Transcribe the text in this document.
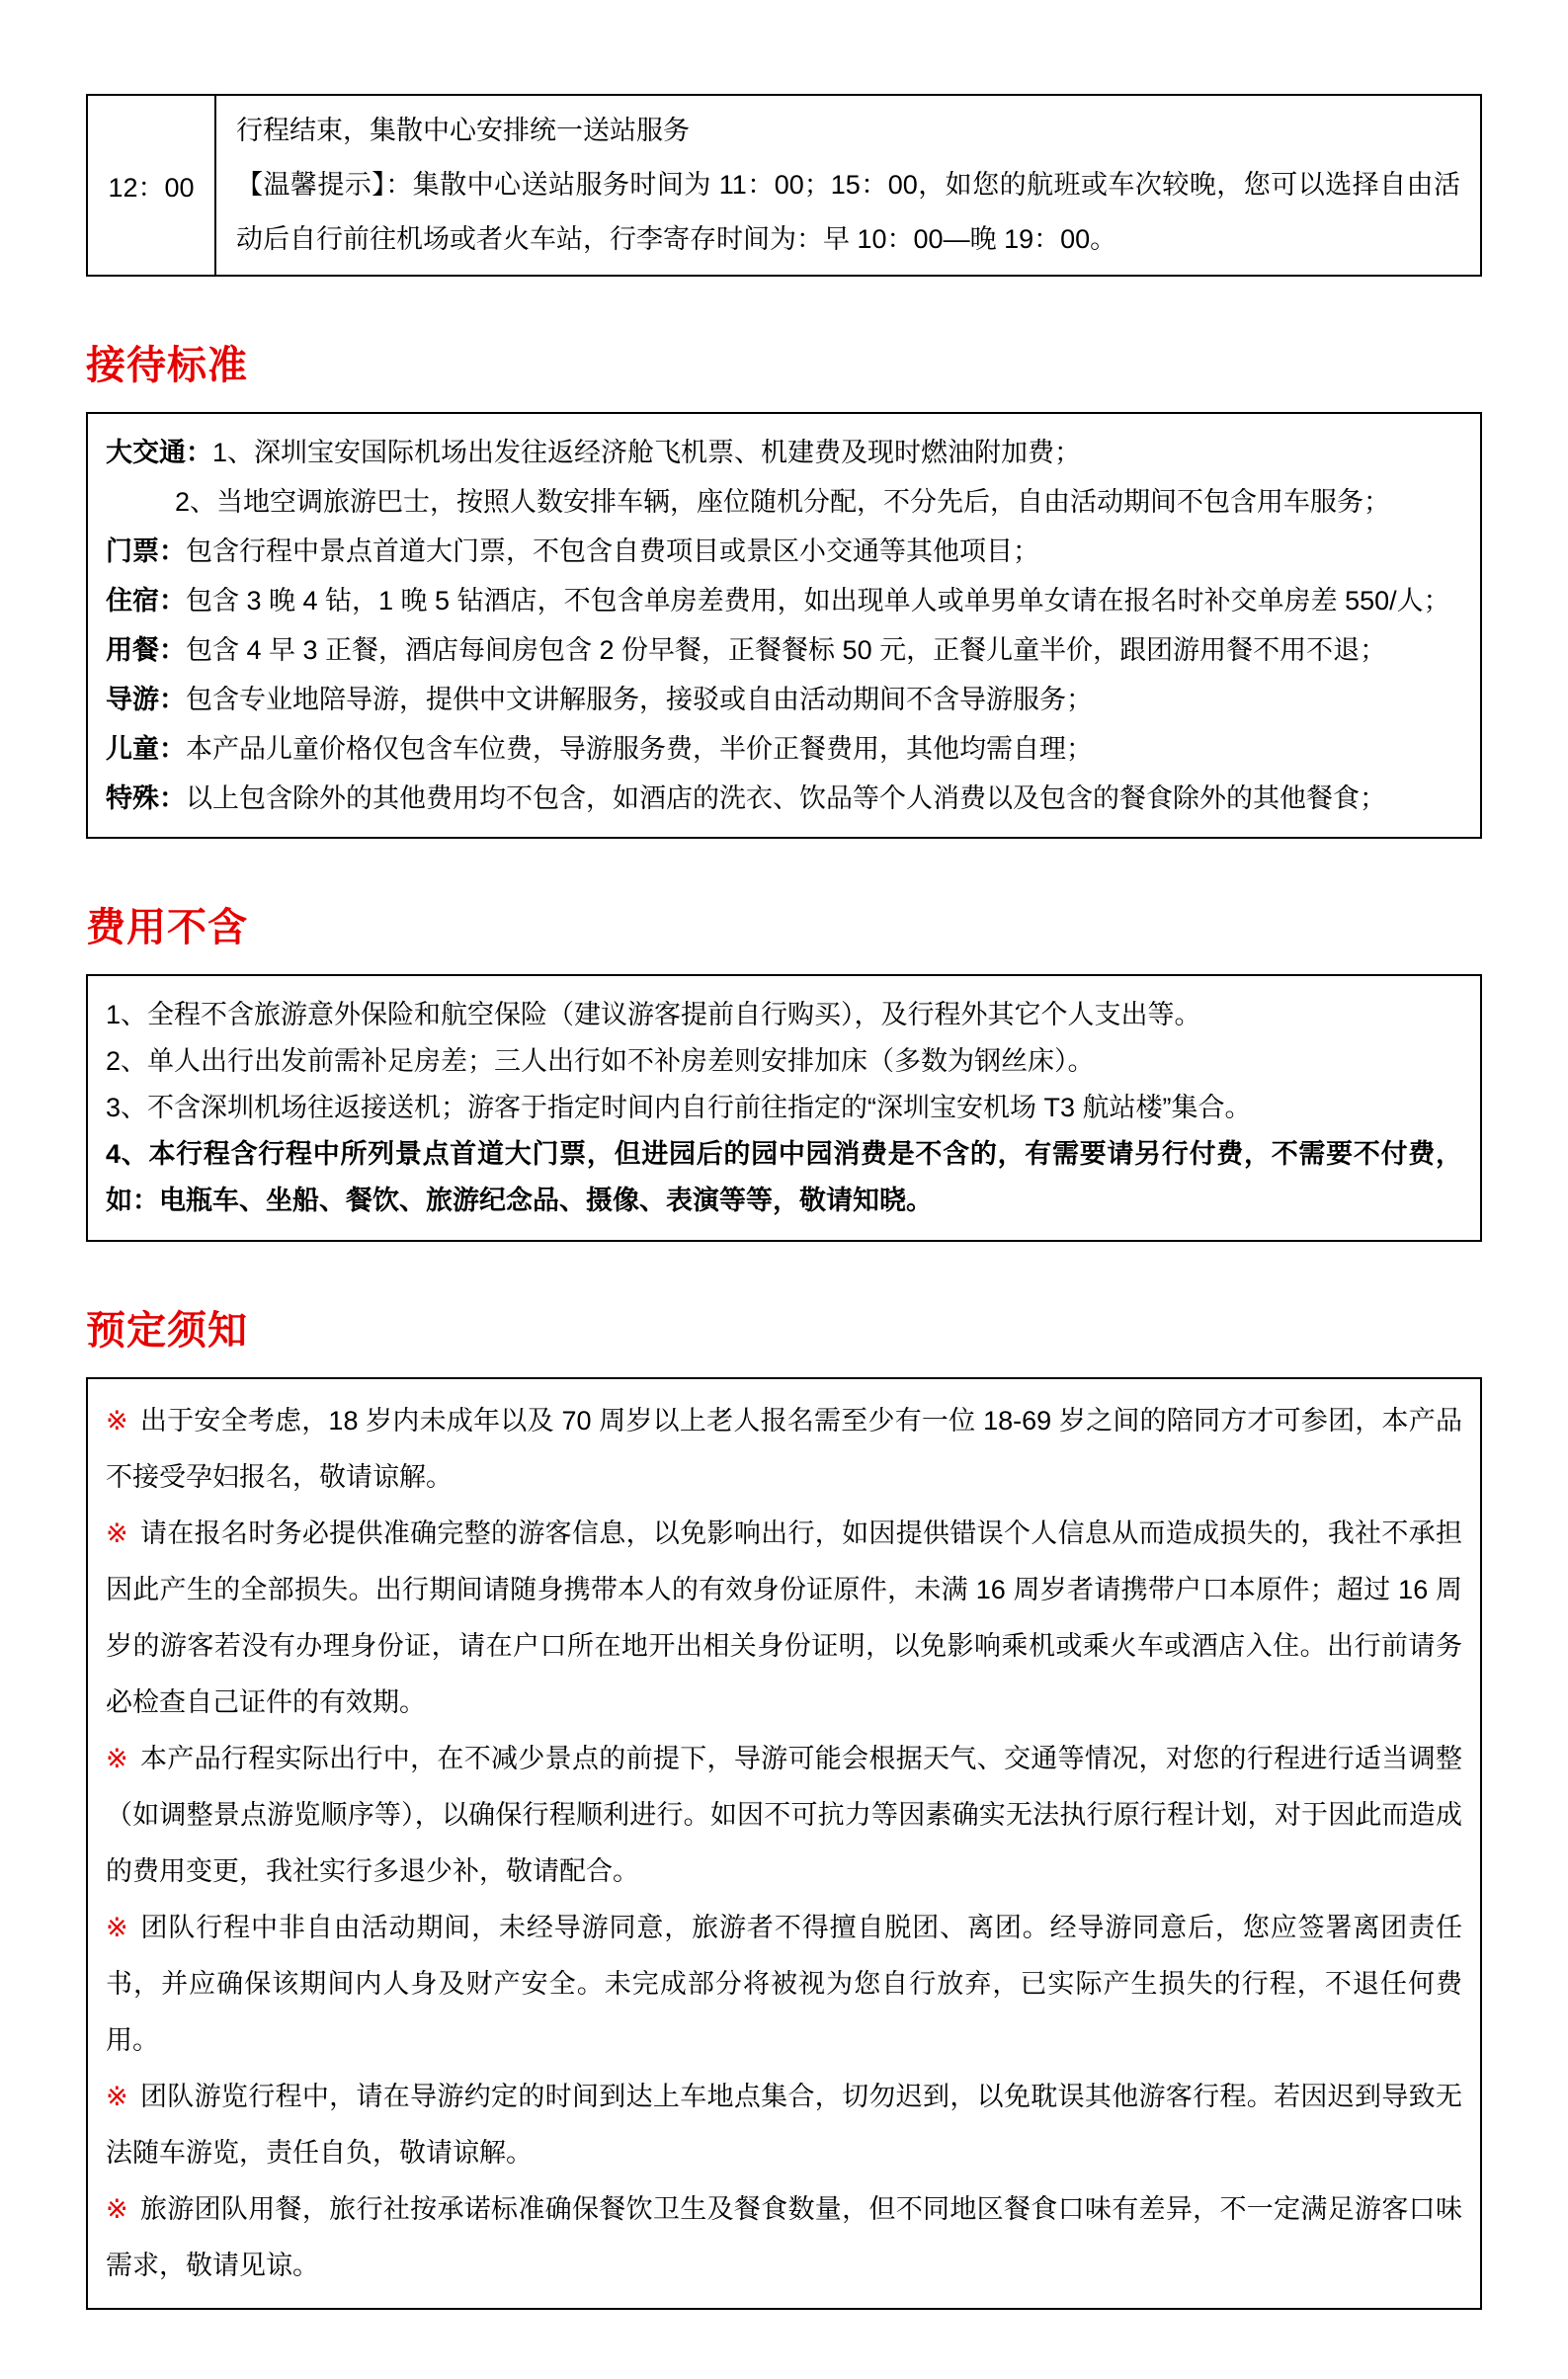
12：00	

行程结束，集散中心安排统一送站服务

【温馨提示】：集散中心送站服务时间为 11：00；15：00，如您的航班或车次较晚，您可以选择自由活动后自行前往机场或者火车站，行李寄存时间为：早 10：00—晚 19：00。

接待标准

大交通：1、深圳宝安国际机场出发往返经济舱飞机票、机建费及现时燃油附加费；

2、当地空调旅游巴士，按照人数安排车辆，座位随机分配，不分先后，自由活动期间不包含用车服务；

门票：包含行程中景点首道大门票，不包含自费项目或景区小交通等其他项目；

住宿：包含 3 晚 4 钻，1 晚 5 钻酒店，不包含单房差费用，如出现单人或单男单女请在报名时补交单房差 550/人；

用餐：包含 4 早 3 正餐，酒店每间房包含 2 份早餐，正餐餐标 50 元，正餐儿童半价，跟团游用餐不用不退；

导游：包含专业地陪导游，提供中文讲解服务，接驳或自由活动期间不含导游服务；

儿童：本产品儿童价格仅包含车位费，导游服务费，半价正餐费用，其他均需自理；

特殊：以上包含除外的其他费用均不包含，如酒店的洗衣、饮品等个人消费以及包含的餐食除外的其他餐食；

费用不含

1、全程不含旅游意外保险和航空保险（建议游客提前自行购买），及行程外其它个人支出等。

2、单人出行出发前需补足房差；三人出行如不补房差则安排加床（多数为钢丝床）。

3、不含深圳机场往返接送机；游客于指定时间内自行前往指定的“深圳宝安机场 T3 航站楼”集合。

4、本行程含行程中所列景点首道大门票，但进园后的园中园消费是不含的，有需要请另行付费，不需要不付费，如：电瓶车、坐船、餐饮、旅游纪念品、摄像、表演等等，敬请知晓。

预定须知

※ 出于安全考虑，18 岁内未成年以及 70 周岁以上老人报名需至少有一位 18-69 岁之间的陪同方才可参团，本产品不接受孕妇报名，敬请谅解。

※ 请在报名时务必提供准确完整的游客信息，以免影响出行，如因提供错误个人信息从而造成损失的，我社不承担因此产生的全部损失。出行期间请随身携带本人的有效身份证原件，未满 16 周岁者请携带户口本原件；超过 16 周岁的游客若没有办理身份证，请在户口所在地开出相关身份证明，以免影响乘机或乘火车或酒店入住。出行前请务必检查自己证件的有效期。

※ 本产品行程实际出行中，在不减少景点的前提下，导游可能会根据天气、交通等情况，对您的行程进行适当调整（如调整景点游览顺序等），以确保行程顺利进行。如因不可抗力等因素确实无法执行原行程计划，对于因此而造成的费用变更，我社实行多退少补，敬请配合。

※ 团队行程中非自由活动期间，未经导游同意，旅游者不得擅自脱团、离团。经导游同意后，您应签署离团责任书，并应确保该期间内人身及财产安全。未完成部分将被视为您自行放弃，已实际产生损失的行程，不退任何费用。

※ 团队游览行程中，请在导游约定的时间到达上车地点集合，切勿迟到，以免耽误其他游客行程。若因迟到导致无法随车游览，责任自负，敬请谅解。

※ 旅游团队用餐，旅行社按承诺标准确保餐饮卫生及餐食数量，但不同地区餐食口味有差异，不一定满足游客口味需求，敬请见谅。
